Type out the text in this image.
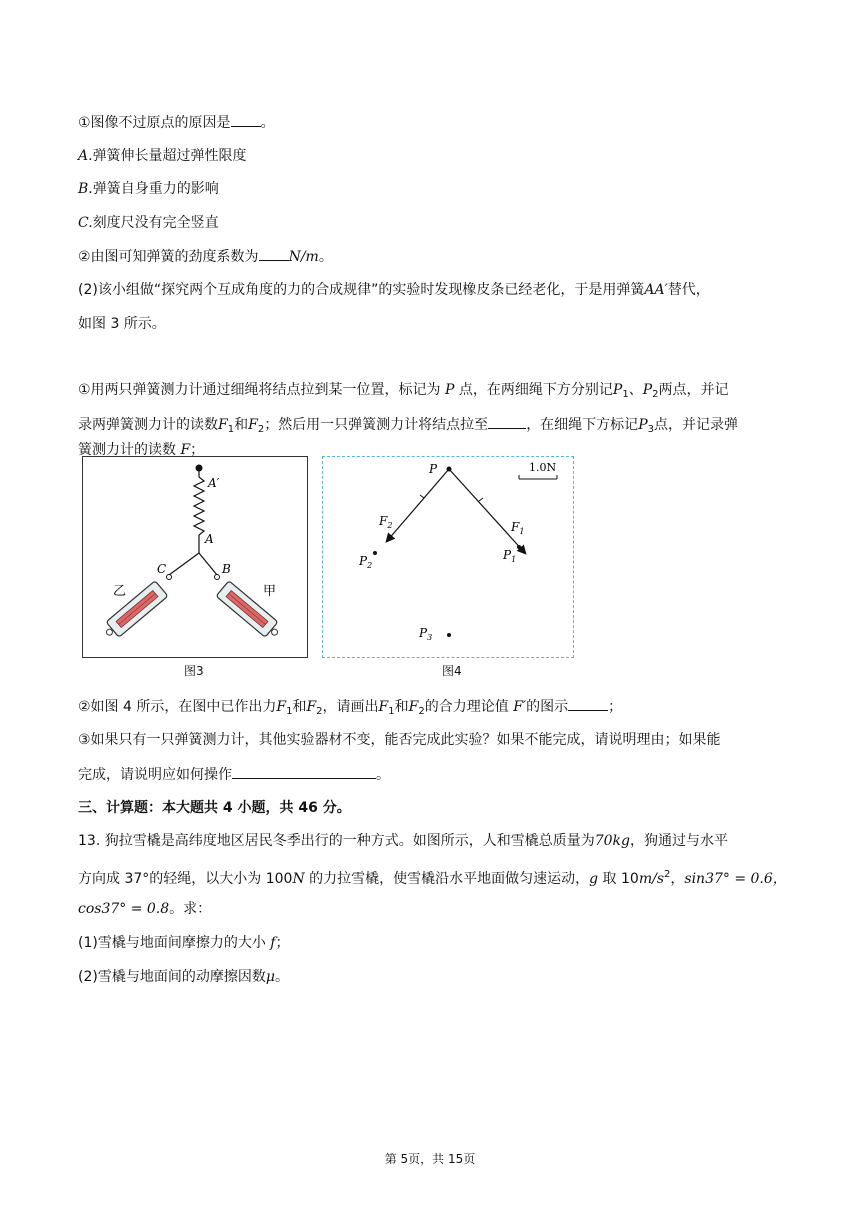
①图像不过原点的原因是 。
A.弹簧伸长量超过弹性限度
B.弹簧自身重力的影响
C.刻度尺没有完全竖直
②由图可知弹簧的劲度系数为 N/m。
(2)该小组做“探究两个互成角度的力的合成规律”的实验时发现橡皮条已经老化，于是用弹簧AA′替代，
如图 3 所示。
①用两只弹簧测力计通过细绳将结点拉到某一位置，标记为 P 点，在两细绳下方分别记$P_1$、$P_2$两点，并记
录两弹簧测力计的读数$F_1$和$F_2$；然后用一只弹簧测力计将结点拉至	，在细绳下方标记$P_3$点，并记录弹
A′
A
C	B
乙	甲
图3
P	1.0N
$F_2$	$F_1$
$P_2$
$P_1$
$P_3$
图4
②如图 4 所示，在图中已作出力$F_1$和$F_2$，请画出$F_1$和$F_2$的合力理论值 F′的图示	；
③如果只有一只弹簧测力计，其他实验器材不变，能否完成此实验？如果不能完成，请说明理由；如果能
完成，请说明应如何操作	。
三、计算题：本大题共 4 小题，共 46 分。
13. 狗拉雪橇是高纬度地区居民冬季出行的一种方式。如图所示，人和雪橇总质量为70kg，狗通过与水平
方向成 37°的轻绳，以大小为 100N 的力拉雪橇，使雪橇沿水平地面做匀速运动，g 取 $10m/s^2$，sin37° = 0.6，
cos37° = 0.8。求：
(1)雪橇与地面间摩擦力的大小 f；
(2)雪橇与地面间的动摩擦因数μ。
第 5页，共 15页
簧测力计的读数 F；
